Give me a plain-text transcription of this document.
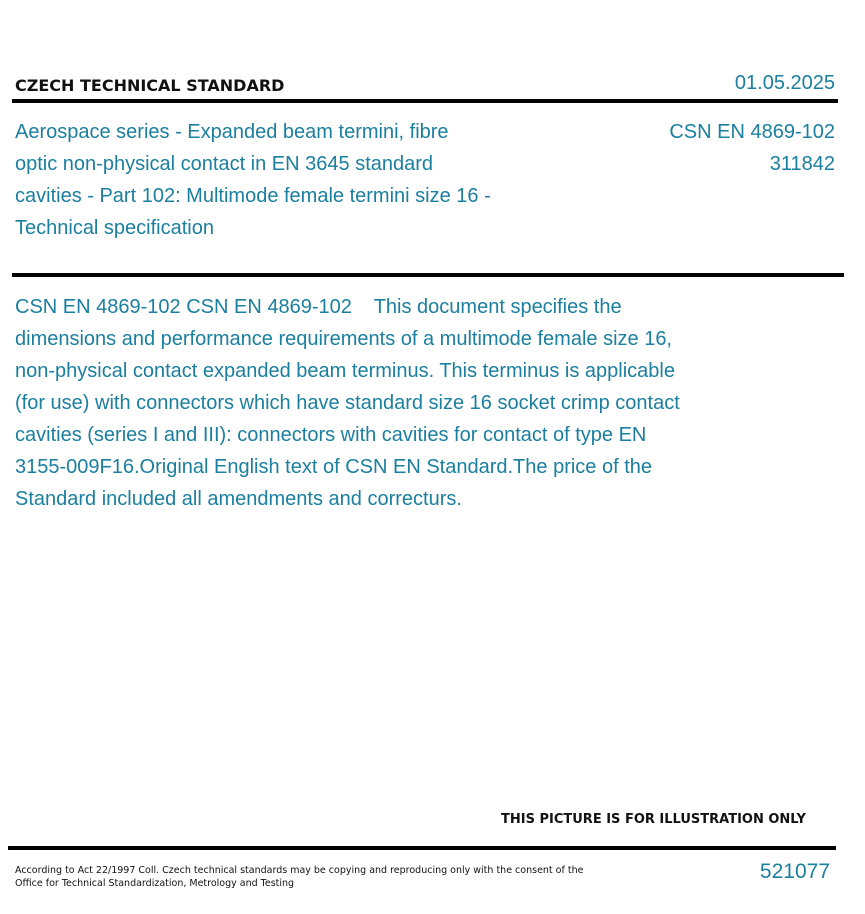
CZECH TECHNICAL STANDARD	01.05.2025
Aerospace series - Expanded beam termini, fibre optic non-physical contact in EN 3645 standard cavities - Part 102: Multimode female termini size 16 - Technical specification
CSN EN 4869-102
311842
CSN EN 4869-102 CSN EN 4869-102    This document specifies the dimensions and performance requirements of a multimode female size 16, non-physical contact expanded beam terminus. This terminus is applicable (for use) with connectors which have standard size 16 socket crimp contact cavities (series I and III): connectors with cavities for contact of type EN 3155-009F16.Original English text of CSN EN Standard.The price of the Standard included all amendments and correcturs.
THIS PICTURE IS FOR ILLUSTRATION ONLY
According to Act 22/1997 Coll. Czech technical standards may be copying and reproducing only with the consent of the Office for Technical Standardization, Metrology and Testing
521077
